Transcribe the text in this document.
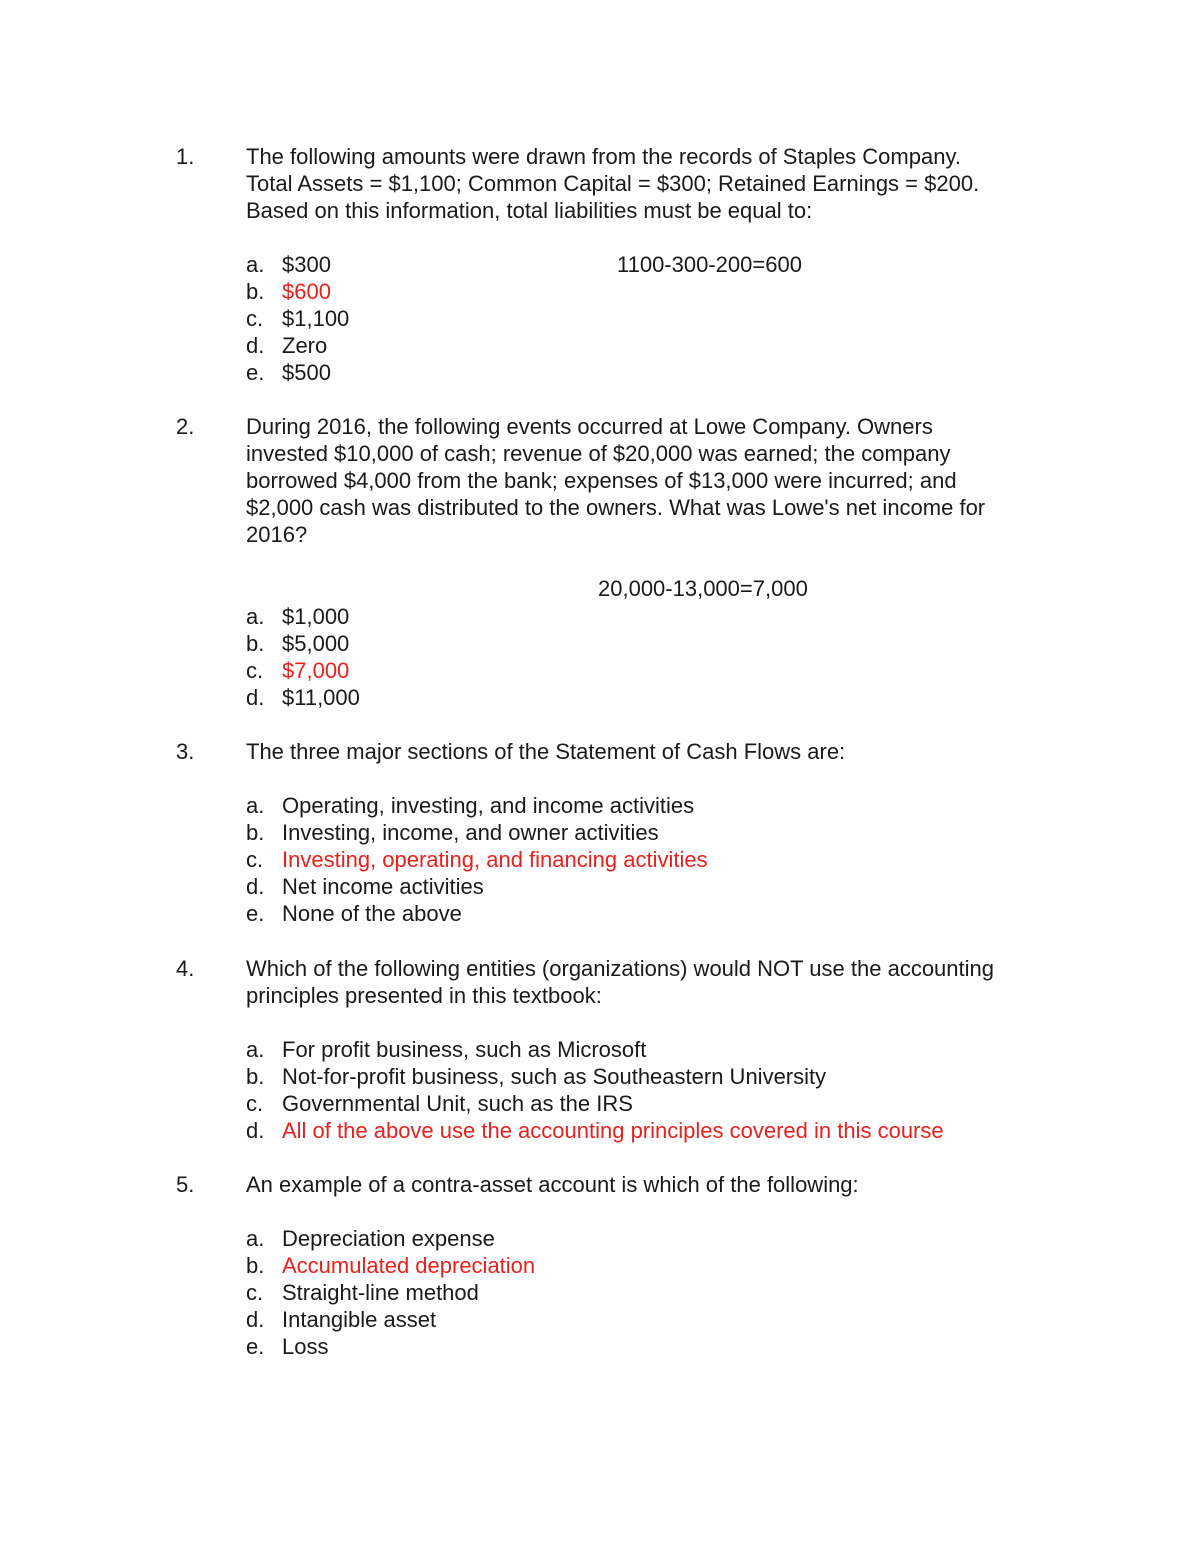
1. The following amounts were drawn from the records of Staples Company.
Total Assets = $1,100; Common Capital = $300; Retained Earnings = $200.
Based on this information, total liabilities must be equal to:
1100-300-200=600
a. $300
b. $600
c. $1,100
d. Zero
e. $500
2. During 2016, the following events occurred at Lowe Company. Owners
invested $10,000 of cash; revenue of $20,000 was earned; the company
borrowed $4,000 from the bank; expenses of $13,000 were incurred; and
$2,000 cash was distributed to the owners. What was Lowe's net income for
2016?
20,000-13,000=7,000
a. $1,000
b. $5,000
c. $7,000
d. $11,000
3. The three major sections of the Statement of Cash Flows are:
a. Operating, investing, and income activities
b. Investing, income, and owner activities
c. Investing, operating, and financing activities
d. Net income activities
e. None of the above
4. Which of the following entities (organizations) would NOT use the accounting
principles presented in this textbook:
a. For profit business, such as Microsoft
b. Not-for-profit business, such as Southeastern University
c. Governmental Unit, such as the IRS
d. All of the above use the accounting principles covered in this course
5. An example of a contra-asset account is which of the following:
a. Depreciation expense
b. Accumulated depreciation
c. Straight-line method
d. Intangible asset
e. Loss
